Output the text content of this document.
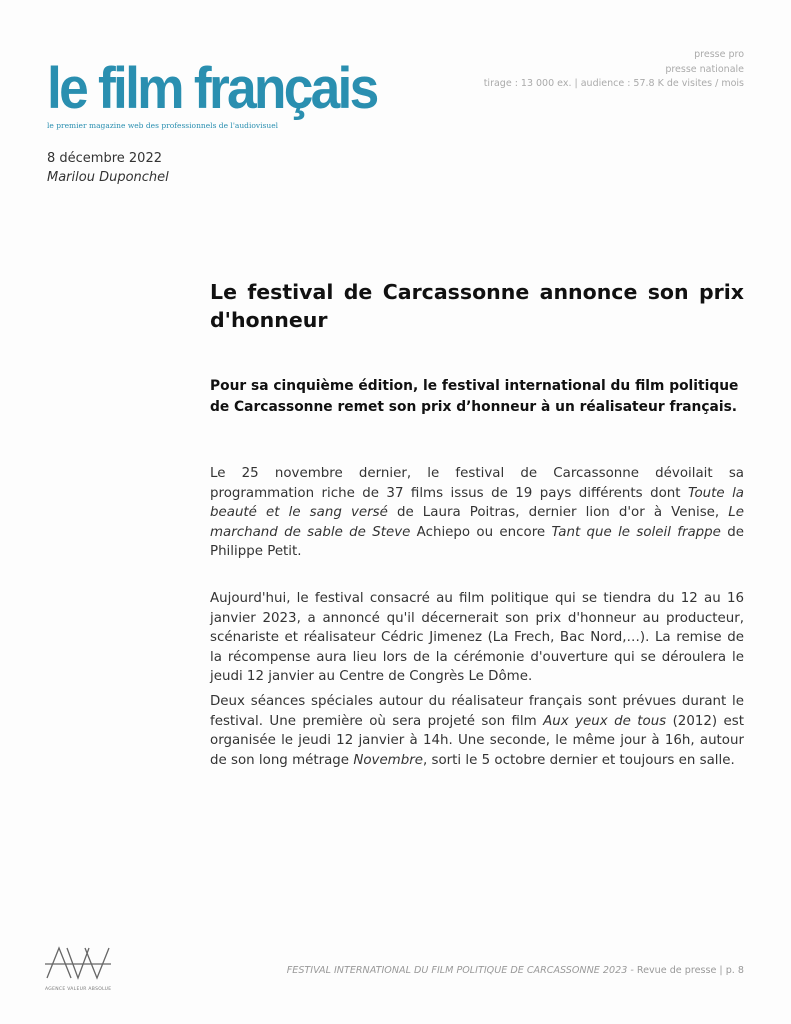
le film français
le premier magazine web des professionnels de l'audiovisuel
presse pro
presse nationale
tirage : 13 000 ex. | audience : 57.8 K de visites / mois
8 décembre 2022
Marilou Duponchel
Le festival de Carcassonne annonce son prix d'honneur

Pour sa cinquième édition, le festival international du film politique de Carcassonne remet son prix d’honneur à un réalisateur français.

Le 25 novembre dernier, le festival de Carcassonne dévoilait sa programmation riche de 37 films issus de 19 pays différents dont Toute la beauté et le sang versé de Laura Poitras, dernier lion d'or à Venise, Le marchand de sable de Steve Achiepo ou encore Tant que le soleil frappe de Philippe Petit.

Aujourd'hui, le festival consacré au film politique qui se tiendra du 12 au 16 janvier 2023, a annoncé qu'il décernerait son prix d'honneur au producteur, scénariste et réalisateur Cédric Jimenez (La Frech, Bac Nord,…). La remise de la récompense aura lieu lors de la cérémonie d'ouverture qui se déroulera le jeudi 12 janvier au Centre de Congrès Le Dôme.

Deux séances spéciales autour du réalisateur français sont prévues durant le festival. Une première où sera projeté son film Aux yeux de tous (2012) est organisée le jeudi 12 janvier à 14h. Une seconde, le même jour à 16h, autour de son long métrage Novembre, sorti le 5 octobre dernier et toujours en salle.

AGENCE VALEUR ABSOLUE
FESTIVAL INTERNATIONAL DU FILM POLITIQUE DE CARCASSONNE 2023 - Revue de presse | p. 8
